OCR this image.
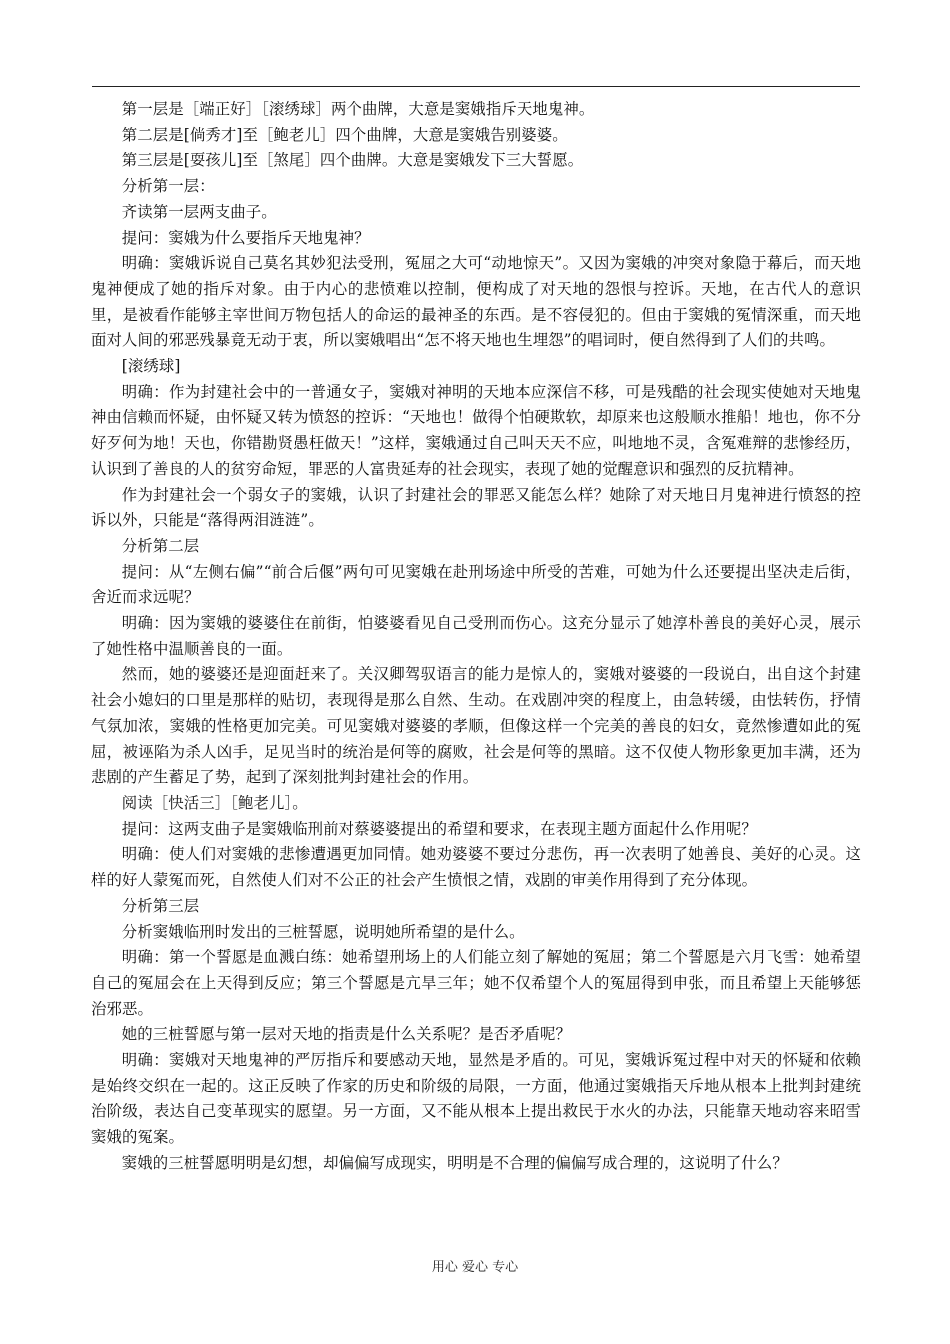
第一层是［端正好］［滚绣球］两个曲牌，大意是窦娥指斥天地鬼神。

第二层是[倘秀才]至［鲍老儿］四个曲牌，大意是窦娥告别婆婆。

第三层是[耍孩儿]至［煞尾］四个曲牌。大意是窦娥发下三大誓愿。

分析第一层：

齐读第一层两支曲子。

提问：窦娥为什么要指斥天地鬼神？

明确：窦娥诉说自己莫名其妙犯法受刑，冤屈之大可“动地惊天”。又因为窦娥的冲突对象隐于幕后，而天地鬼神便成了她的指斥对象。由于内心的悲愤难以控制，便构成了对天地的怨恨与控诉。天地，在古代人的意识里，是被看作能够主宰世间万物包括人的命运的最神圣的东西。是不容侵犯的。但由于窦娥的冤情深重，而天地面对人间的邪恶残暴竟无动于衷，所以窦娥唱出“怎不将天地也生埋怨”的唱词时，便自然得到了人们的共鸣。

[滚绣球]

明确：作为封建社会中的一普通女子，窦娥对神明的天地本应深信不移，可是残酷的社会现实使她对天地鬼神由信赖而怀疑，由怀疑又转为愤怒的控诉：“天地也！做得个怕硬欺软，却原来也这般顺水推船！地也，你不分好歹何为地！天也，你错勘贤愚枉做天！”这样，窦娥通过自己叫天天不应，叫地地不灵，含冤难辩的悲惨经历，认识到了善良的人的贫穷命短，罪恶的人富贵延寿的社会现实，表现了她的觉醒意识和强烈的反抗精神。

作为封建社会一个弱女子的窦娥，认识了封建社会的罪恶又能怎么样？她除了对天地日月鬼神进行愤怒的控诉以外，只能是“落得两泪涟涟”。

分析第二层

提问：从“左侧右偏”“前合后偃”两句可见窦娥在赴刑场途中所受的苦难，可她为什么还要提出坚决走后街，舍近而求远呢？

明确：因为窦娥的婆婆住在前街，怕婆婆看见自己受刑而伤心。这充分显示了她淳朴善良的美好心灵，展示了她性格中温顺善良的一面。

然而，她的婆婆还是迎面赶来了。关汉卿驾驭语言的能力是惊人的，窦娥对婆婆的一段说白，出自这个封建社会小媳妇的口里是那样的贴切，表现得是那么自然、生动。在戏剧冲突的程度上，由急转缓，由怯转伤，抒情气氛加浓，窦娥的性格更加完美。可见窦娥对婆婆的孝顺，但像这样一个完美的善良的妇女，竟然惨遭如此的冤屈，被诬陷为杀人凶手，足见当时的统治是何等的腐败，社会是何等的黑暗。这不仅使人物形象更加丰满，还为悲剧的产生蓄足了势，起到了深刻批判封建社会的作用。

阅读［快活三］［鲍老儿］。

提问：这两支曲子是窦娥临刑前对蔡婆婆提出的希望和要求，在表现主题方面起什么作用呢？

明确：使人们对窦娥的悲惨遭遇更加同情。她劝婆婆不要过分悲伤，再一次表明了她善良、美好的心灵。这样的好人蒙冤而死，自然使人们对不公正的社会产生愤恨之情，戏剧的审美作用得到了充分体现。

分析第三层

分析窦娥临刑时发出的三桩誓愿，说明她所希望的是什么。

明确：第一个誓愿是血溅白练：她希望刑场上的人们能立刻了解她的冤屈；第二个誓愿是六月飞雪：她希望自己的冤屈会在上天得到反应；第三个誓愿是亢旱三年；她不仅希望个人的冤屈得到申张，而且希望上天能够惩治邪恶。

她的三桩誓愿与第一层对天地的指责是什么关系呢？是否矛盾呢？

明确：窦娥对天地鬼神的严厉指斥和要感动天地，显然是矛盾的。可见，窦娥诉冤过程中对天的怀疑和依赖是始终交织在一起的。这正反映了作家的历史和阶级的局限，一方面，他通过窦娥指天斥地从根本上批判封建统治阶级，表达自己变革现实的愿望。另一方面，又不能从根本上提出救民于水火的办法，只能靠天地动容来昭雪窦娥的冤案。

窦娥的三桩誓愿明明是幻想，却偏偏写成现实，明明是不合理的偏偏写成合理的，这说明了什么？

用心 爱心 专心
